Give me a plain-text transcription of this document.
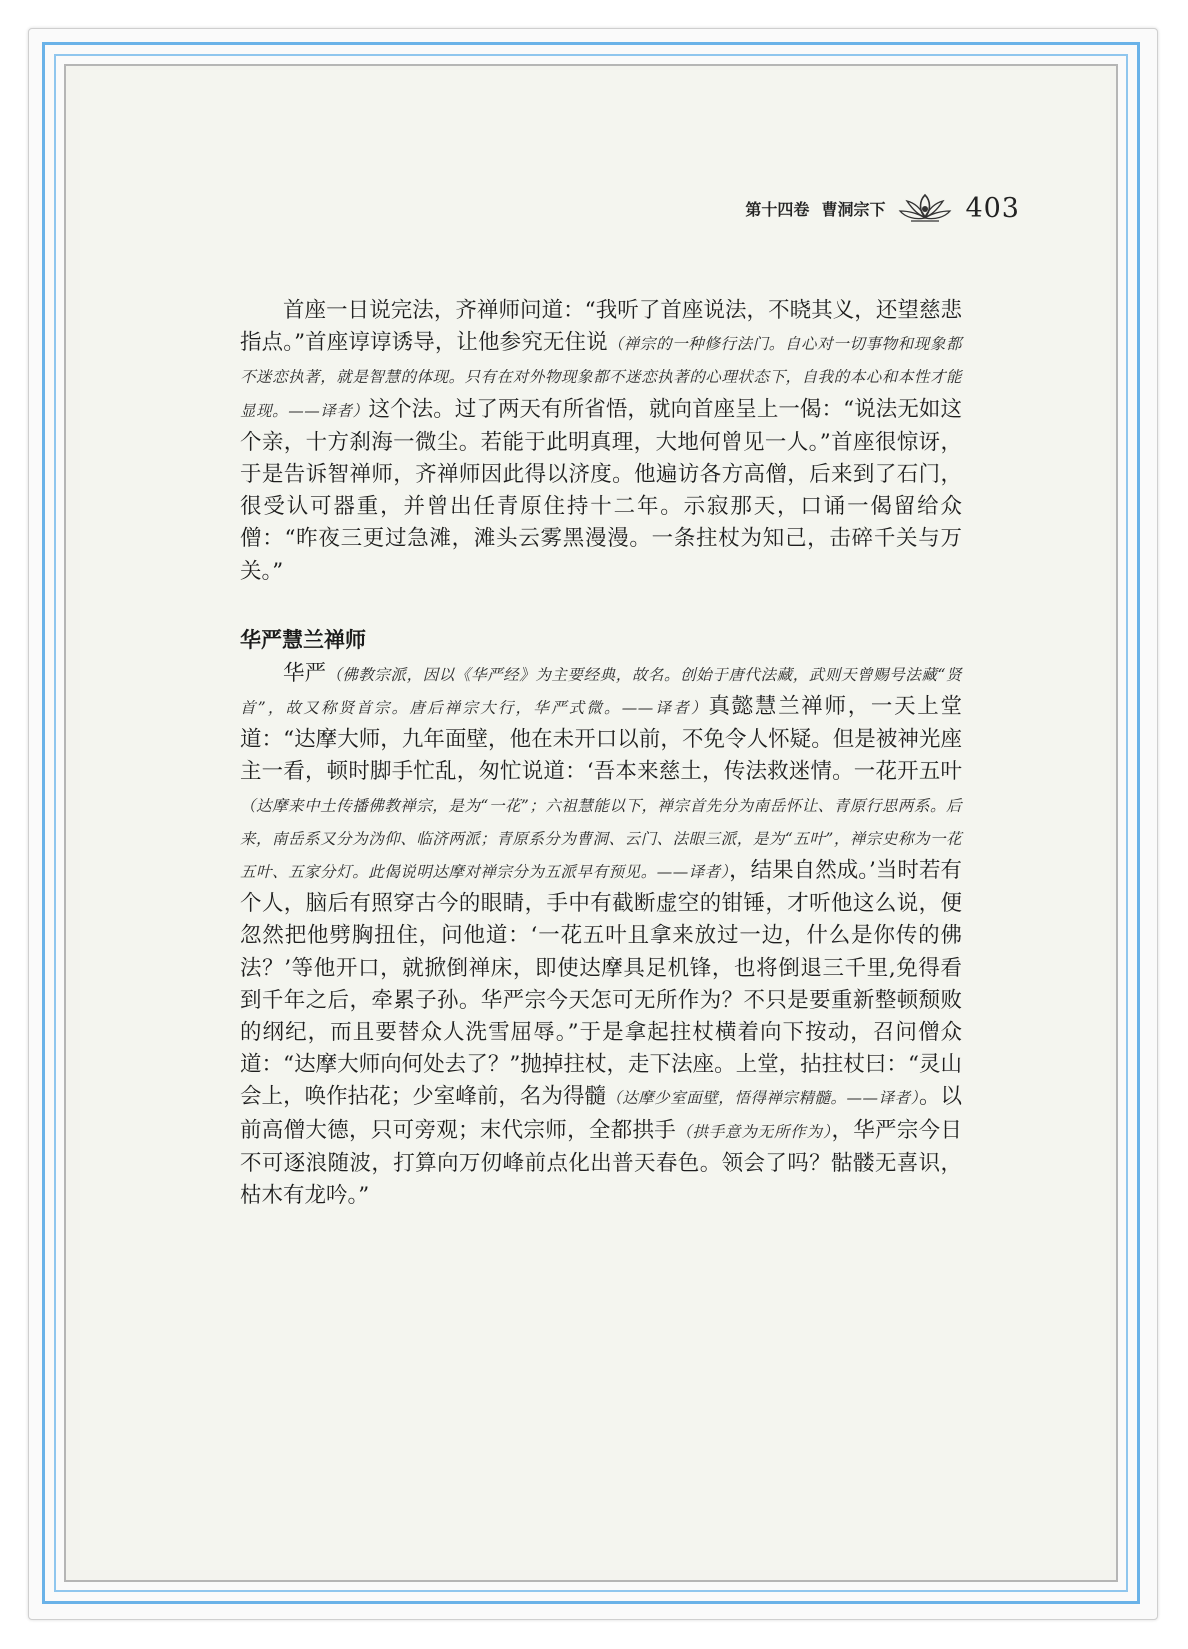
第十四卷 曹洞宗下	403

首座一日说完法，齐禅师问道：“我听了首座说法，不晓其义，还望慈悲指点。”首座谆谆诱导，让他参究无住说（禅宗的一种修行法门。自心对一切事物和现象都不迷恋执著，就是智慧的体现。只有在对外物现象都不迷恋执著的心理状态下，自我的本心和本性才能显现。——译者）这个法。过了两天有所省悟，就向首座呈上一偈：“说法无如这个亲，十方刹海一微尘。若能于此明真理，大地何曾见一人。”首座很惊讶，于是告诉智禅师，齐禅师因此得以济度。他遍访各方高僧，后来到了石门，很受认可器重，并曾出任青原住持十二年。示寂那天，口诵一偈留给众僧：“昨夜三更过急滩，滩头云雾黑漫漫。一条拄杖为知己，击碎千关与万关。”

华严慧兰禅师

华严（佛教宗派，因以《华严经》为主要经典，故名。创始于唐代法藏，武则天曾赐号法藏“贤首”，故又称贤首宗。唐后禅宗大行，华严式微。——译者）真懿慧兰禅师，一天上堂道：“达摩大师，九年面壁，他在未开口以前，不免令人怀疑。但是被神光座主一看，顿时脚手忙乱，匆忙说道：‘吾本来慈土，传法救迷情。一花开五叶（达摩来中土传播佛教禅宗，是为“一花”；六祖慧能以下，禅宗首先分为南岳怀让、青原行思两系。后来，南岳系又分为沩仰、临济两派；青原系分为曹洞、云门、法眼三派，是为“五叶”，禅宗史称为一花五叶、五家分灯。此偈说明达摩对禅宗分为五派早有预见。——译者），结果自然成。’当时若有个人，脑后有照穿古今的眼睛，手中有截断虚空的钳锤，才听他这么说，便忽然把他劈胸扭住，问他道：‘一花五叶且拿来放过一边，什么是你传的佛法？’等他开口，就掀倒禅床，即使达摩具足机锋，也将倒退三千里,免得看到千年之后，牵累子孙。华严宗今天怎可无所作为？不只是要重新整顿颓败的纲纪，而且要替众人洗雪屈辱。”于是拿起拄杖横着向下按动，召问僧众道：“达摩大师向何处去了？”抛掉拄杖，走下法座。上堂，拈拄杖曰：“灵山会上，唤作拈花；少室峰前，名为得髓（达摩少室面壁，悟得禅宗精髓。——译者）。以前高僧大德，只可旁观；末代宗师，全都拱手（拱手意为无所作为），华严宗今日不可逐浪随波，打算向万仞峰前点化出普天春色。领会了吗？骷髅无喜识，枯木有龙吟。”
